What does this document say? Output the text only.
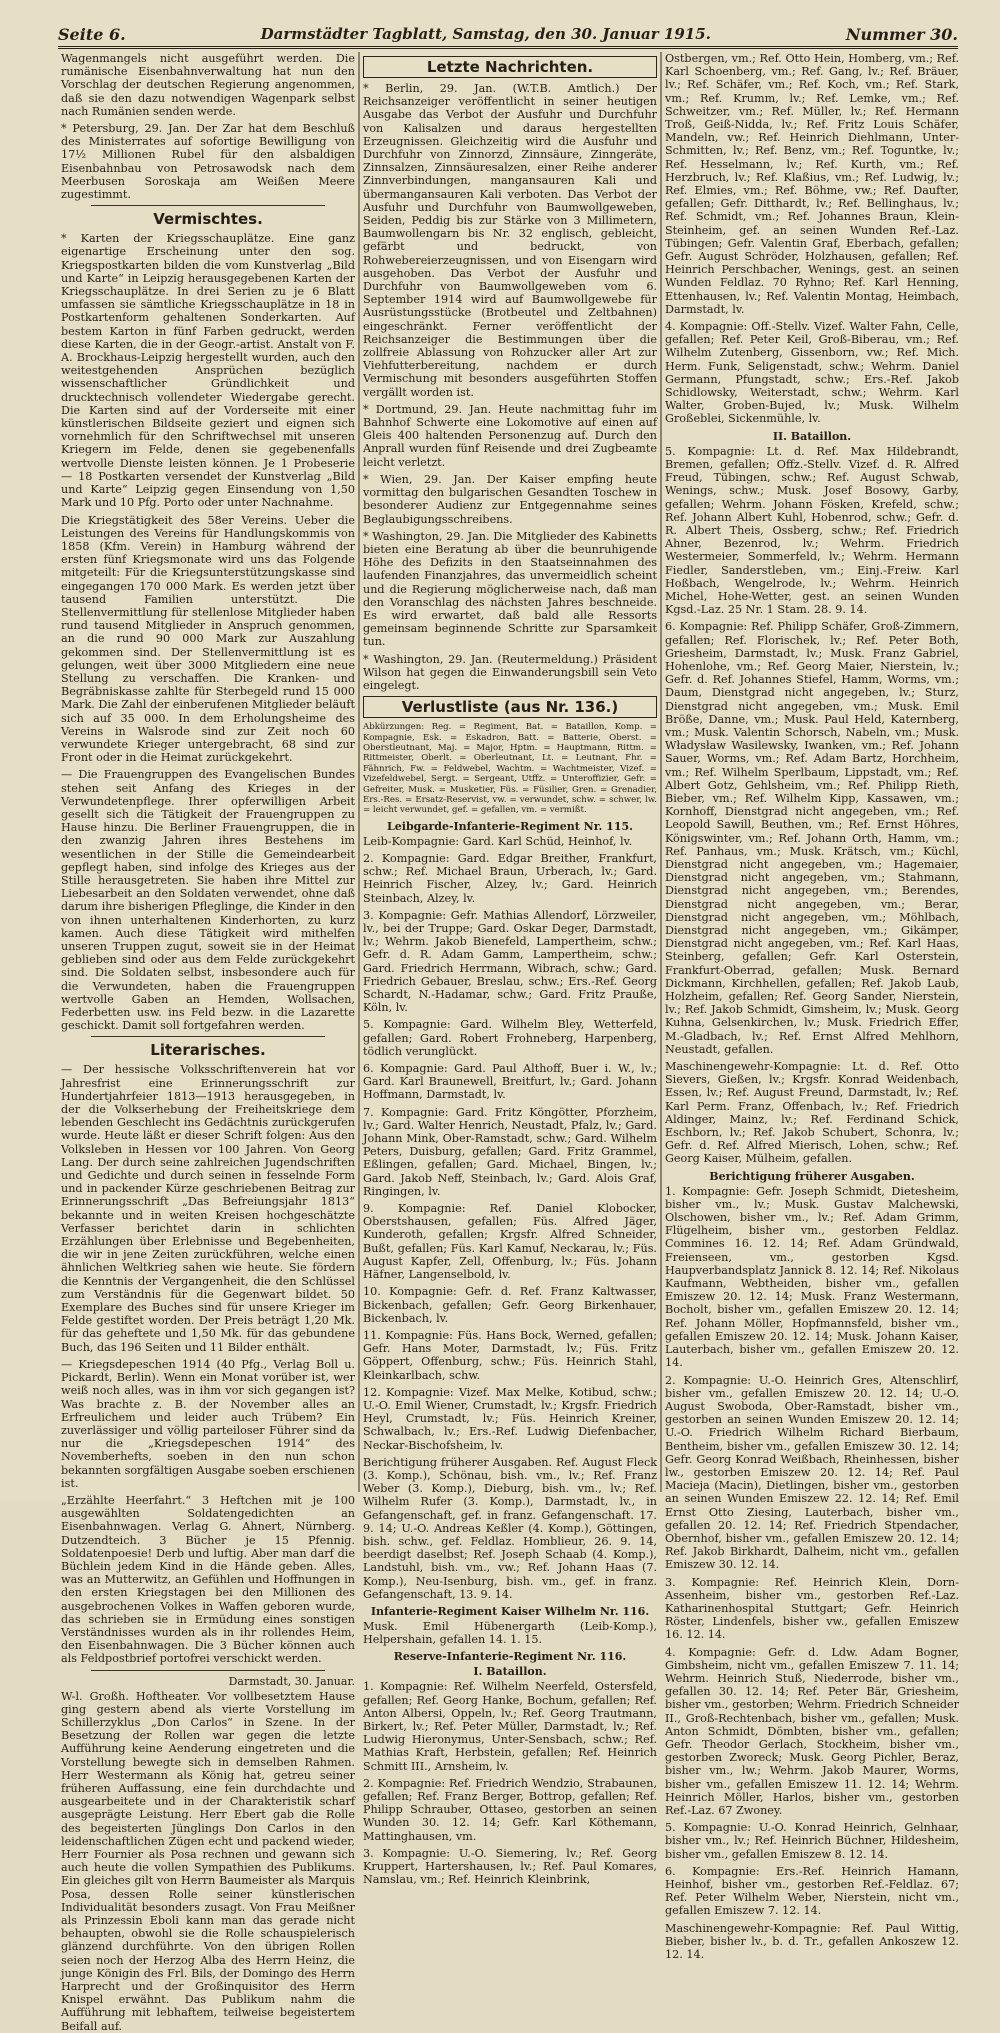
Seite 6.	Darmstädter Tagblatt, Samstag, den 30. Januar 1915.	Nummer 30.

Wagenmangels nicht ausgeführt werden. Die rumänische Eisenbahnverwaltung hat nun den Vorschlag der deutschen Regierung angenommen, daß sie den dazu notwendigen Wagenpark selbst nach Rumänien senden werde.

* Petersburg, 29. Jan. Der Zar hat dem Beschluß des Ministerrates auf sofortige Bewilligung von 17½ Millionen Rubel für den alsbaldigen Eisenbahnbau von Petrosawodsk nach dem Meerbusen Soroskaja am Weißen Meere zugestimmt.

Vermischtes.

* Karten der Kriegsschauplätze. Eine ganz eigenartige Erscheinung unter den sog. Kriegspostkarten bilden die vom Kunstverlag „Bild und Karte“ in Leipzig herausgegebenen Karten der Kriegsschauplätze. In drei Serien zu je 6 Blatt umfassen sie sämtliche Kriegsschauplätze in 18 in Postkartenform gehaltenen Sonderkarten. Auf bestem Karton in fünf Farben gedruckt, werden diese Karten, die in der Geogr.-artist. Anstalt von F. A. Brockhaus-Leipzig hergestellt wurden, auch den weitestgehenden Ansprüchen bezüglich wissenschaftlicher Gründlichkeit und drucktechnisch vollendeter Wiedergabe gerecht. Die Karten sind auf der Vorderseite mit einer künstlerischen Bildseite geziert und eignen sich vornehmlich für den Schriftwechsel mit unseren Kriegern im Felde, denen sie gegebenenfalls wertvolle Dienste leisten können. Je 1 Probeserie — 18 Postkarten versendet der Kunstverlag „Bild und Karte“ Leipzig gegen Einsendung von 1,50 Mark und 10 Pfg. Porto oder unter Nachnahme.

Die Kriegstätigkeit des 58er Vereins. Ueber die Leistungen des Vereins für Handlungskommis von 1858 (Kfm. Verein) in Hamburg während der ersten fünf Kriegsmonate wird uns das Folgende mitgeteilt: Für die Kriegsunterstützungskasse sind eingegangen 170 000 Mark. Es werden jetzt über tausend Familien unterstützt. Die Stellenvermittlung für stellenlose Mitglieder haben rund tausend Mitglieder in Anspruch genommen, an die rund 90 000 Mark zur Auszahlung gekommen sind. Der Stellenvermittlung ist es gelungen, weit über 3000 Mitgliedern eine neue Stellung zu verschaffen. Die Kranken- und Begräbniskasse zahlte für Sterbegeld rund 15 000 Mark. Die Zahl der einberufenen Mitglieder beläuft sich auf 35 000. In dem Erholungsheime des Vereins in Walsrode sind zur Zeit noch 60 verwundete Krieger untergebracht, 68 sind zur Front oder in die Heimat zurückgekehrt.

— Die Frauengruppen des Evangelischen Bundes stehen seit Anfang des Krieges in der Verwundetenpflege. Ihrer opferwilligen Arbeit gesellt sich die Tätigkeit der Frauengruppen zu Hause hinzu. Die Berliner Frauengruppen, die in den zwanzig Jahren ihres Bestehens im wesentlichen in der Stille die Gemeindearbeit gepflegt haben, sind infolge des Krieges aus der Stille herausgetreten. Sie haben ihre Mittel zur Liebesarbeit an den Soldaten verwendet, ohne daß darum ihre bisherigen Pfleglinge, die Kinder in den von ihnen unterhaltenen Kinderhorten, zu kurz kamen. Auch diese Tätigkeit wird mithelfen unseren Truppen zugut, soweit sie in der Heimat geblieben sind oder aus dem Felde zurückgekehrt sind. Die Soldaten selbst, insbesondere auch für die Verwundeten, haben die Frauengruppen wertvolle Gaben an Hemden, Wollsachen, Federbetten usw. ins Feld bezw. in die Lazarette geschickt. Damit soll fortgefahren werden.

Literarisches.

— Der hessische Volksschriftenverein hat vor Jahresfrist eine Erinnerungsschrift zur Hundertjahrfeier 1813—1913 herausgegeben, in der die Volkserhebung der Freiheitskriege dem lebenden Geschlecht ins Gedächtnis zurückgerufen wurde. Heute läßt er dieser Schrift folgen: Aus den Volksleben in Hessen vor 100 Jahren. Von Georg Lang. Der durch seine zahlreichen Jugendschriften und Gedichte und durch seinen in fesselnde Form und in packender Kürze geschriebenen Beitrag zur Erinnerungsschrift „Das Befreiungsjahr 1813“ bekannte und in weiten Kreisen hochgeschätzte Verfasser berichtet darin in schlichten Erzählungen über Erlebnisse und Begebenheiten, die wir in jene Zeiten zurückführen, welche einen ähnlichen Weltkrieg sahen wie heute. Sie fördern die Kenntnis der Vergangenheit, die den Schlüssel zum Verständnis für die Gegenwart bildet. 50 Exemplare des Buches sind für unsere Krieger im Felde gestiftet worden. Der Preis beträgt 1,20 Mk. für das geheftete und 1,50 Mk. für das gebundene Buch, das 196 Seiten und 11 Bilder enthält.

— Kriegsdepeschen 1914 (40 Pfg., Verlag Boll u. Pickardt, Berlin). Wenn ein Monat vorüber ist, wer weiß noch alles, was in ihm vor sich gegangen ist? Was brachte z. B. der November alles an Erfreulichem und leider auch Trübem? Ein zuverlässiger und völlig parteiloser Führer sind da nur die „Kriegsdepeschen 1914“ des Novemberhefts, soeben in den nun schon bekannten sorgfältigen Ausgabe soeben erschienen ist.

„Erzählte Heerfahrt.“ 3 Heftchen mit je 100 ausgewählten Soldatengedichten an Eisenbahnwagen. Verlag G. Ahnert, Nürnberg. Dutzendteich. 3 Bücher je 15 Pfennig. Soldatenpoesie! Derb und luftig. Aber man darf die Büchlein jedem Kind in die Hände geben. Alles, was an Mutterwitz, an Gefühlen und Hoffnungen in den ersten Kriegstagen bei den Millionen des ausgebrochenen Volkes in Waffen geboren wurde, das schrieben sie in Ermüdung eines sonstigen Verständnisses wurden als in ihr rollendes Heim, den Eisenbahnwagen. Die 3 Bücher können auch als Feldpostbrief portofrei verschickt werden.

Darmstadt, 30. Januar.

W-l. Großh. Hoftheater. Vor vollbesetztem Hause ging gestern abend als vierte Vorstellung im Schillerzyklus „Don Carlos“ in Szene. In der Besetzung der Rollen war gegen die letzte Aufführung keine Aenderung eingetreten und die Vorstellung bewegte sich in demselben Rahmen. Herr Westermann als König hat, getreu seiner früheren Auffassung, eine fein durchdachte und ausgearbeitete und in der Charakteristik scharf ausgeprägte Leistung. Herr Ebert gab die Rolle des begeisterten Jünglings Don Carlos in den leidenschaftlichen Zügen echt und packend wieder, Herr Fournier als Posa rechnen und gewann sich auch heute die vollen Sympathien des Publikums. Ein gleiches gilt von Herrn Baumeister als Marquis Posa, dessen Rolle seiner künstlerischen Individualität besonders zusagt. Von Frau Meißner als Prinzessin Eboli kann man das gerade nicht behaupten, obwohl sie die Rolle schauspielerisch glänzend durchführte. Von den übrigen Rollen seien noch der Herzog Alba des Herrn Heinz, die junge Königin des Frl. Bils, der Domingo des Herrn Harprecht und der Großinquisitor des Herrn Knispel erwähnt. Das Publikum nahm die Aufführung mit lebhaftem, teilweise begeistertem Beifall auf.

Letzte Nachrichten.

* Berlin, 29. Jan. (W.T.B. Amtlich.) Der Reichsanzeiger veröffentlicht in seiner heutigen Ausgabe das Verbot der Ausfuhr und Durchfuhr von Kalisalzen und daraus hergestellten Erzeugnissen. Gleichzeitig wird die Ausfuhr und Durchfuhr von Zinnorzd, Zinnsäure, Zinngeräte, Zinnsalzen, Zinnsäuresalzen, einer Reihe anderer Zinnverbindungen, mangansauren Kali und übermangansauren Kali verboten. Das Verbot der Ausfuhr und Durchfuhr von Baumwollgeweben, Seiden, Peddig bis zur Stärke von 3 Millimetern, Baumwollengarn bis Nr. 32 englisch, gebleicht, gefärbt und bedruckt, von Rohwebereierzeugnissen, und von Eisengarn wird ausgehoben. Das Verbot der Ausfuhr und Durchfuhr von Baumwollgeweben vom 6. September 1914 wird auf Baumwollgewebe für Ausrüstungsstücke (Brotbeutel und Zeltbahnen) eingeschränkt. Ferner veröffentlicht der Reichsanzeiger die Bestimmungen über die zollfreie Ablassung von Rohzucker aller Art zur Viehfutterbereitung, nachdem er durch Vermischung mit besonders ausgeführten Stoffen vergällt worden ist.

* Dortmund, 29. Jan. Heute nachmittag fuhr im Bahnhof Schwerte eine Lokomotive auf einen auf Gleis 400 haltenden Personenzug auf. Durch den Anprall wurden fünf Reisende und drei Zugbeamte leicht verletzt.

* Wien, 29. Jan. Der Kaiser empfing heute vormittag den bulgarischen Gesandten Toschew in besonderer Audienz zur Entgegennahme seines Beglaubigungsschreibens.

* Washington, 29. Jan. Die Mitglieder des Kabinetts bieten eine Beratung ab über die beunruhigende Höhe des Defizits in den Staatseinnahmen des laufenden Finanzjahres, das unvermeidlich scheint und die Regierung möglicherweise nach, daß man den Voranschlag des nächsten Jahres beschneide. Es wird erwartet, daß bald alle Ressorts gemeinsam beginnende Schritte zur Sparsamkeit tun.

* Washington, 29. Jan. (Reutermeldung.) Präsident Wilson hat gegen die Einwanderungsbill sein Veto eingelegt.

Verlustliste (aus Nr. 136.)

Abkürzungen: Reg. = Regiment, Bat. = Bataillon, Komp. = Kompagnie, Esk. = Eskadron, Batt. = Batterie, Oberst. = Oberstleutnant, Maj. = Major, Hptm. = Hauptmann, Rittm. = Rittmeister, Oberlt. = Oberleutnant, Lt. = Leutnant, Fhr. = Fähnrich, Fw. = Feldwebel, Wachtm. = Wachtmeister, Vizef. = Vizefeldwebel, Sergt. = Sergeant, Utffz. = Unteroffizier, Gefr. = Gefreiter, Musk. = Musketier, Füs. = Füsilier, Gren. = Grenadier, Ers.-Res. = Ersatz-Reservist, vw. = verwundet, schw. = schwer, lw. = leicht verwundet, gef. = gefallen, vm. = vermißt.

Leibgarde-Infanterie-Regiment Nr. 115.

Leib-Kompagnie: Gard. Karl Schüd, Heinhof, lv.

2. Kompagnie: Gard. Edgar Breither, Frankfurt, schw.; Ref. Michael Braun, Urberach, lv.; Gard. Heinrich Fischer, Alzey, lv.; Gard. Heinrich Steinbach, Alzey, lv.

3. Kompagnie: Gefr. Mathias Allendorf, Lörzweiler, lv., bei der Truppe; Gard. Oskar Deger, Darmstadt, lv.; Wehrm. Jakob Bienefeld, Lampertheim, schw.; Gefr. d. R. Adam Gamm, Lampertheim, schw.; Gard. Friedrich Herrmann, Wibrach, schw.; Gard. Friedrich Gebauer, Breslau, schw.; Ers.-Ref. Georg Schardt, N.-Hadamar, schw.; Gard. Fritz Prauße, Köln, lv.

5. Kompagnie: Gard. Wilhelm Bley, Wetterfeld, gefallen; Gard. Robert Frohneberg, Harpenberg, tödlich verunglückt.

6. Kompagnie: Gard. Paul Althoff, Buer i. W., lv.; Gard. Karl Braunewell, Breitfurt, lv.; Gard. Johann Hoffmann, Darmstadt, lv.

7. Kompagnie: Gard. Fritz Köngötter, Pforzheim, lv.; Gard. Walter Henrich, Neustadt, Pfalz, lv.; Gard. Johann Mink, Ober-Ramstadt, schw.; Gard. Wilhelm Peters, Duisburg, gefallen; Gard. Fritz Grammel, Eßlingen, gefallen; Gard. Michael, Bingen, lv.; Gard. Jakob Neff, Steinbach, lv.; Gard. Alois Graf, Ringingen, lv.

9. Kompagnie: Ref. Daniel Klobocker, Oberstshausen, gefallen; Füs. Alfred Jäger, Kunderoth, gefallen; Krgsfr. Alfred Schneider, Bußt, gefallen; Füs. Karl Kamuf, Neckarau, lv.; Füs. August Kapfer, Zell, Offenburg, lv.; Füs. Johann Häfner, Langenselbold, lv.

10. Kompagnie: Gefr. d. Ref. Franz Kaltwasser, Bickenbach, gefallen; Gefr. Georg Birkenhauer, Bickenbach, lv.

11. Kompagnie: Füs. Hans Bock, Werned, gefallen; Gefr. Hans Moter, Darmstadt, lv.; Füs. Fritz Göppert, Offenburg, schw.; Füs. Heinrich Stahl, Kleinkarlbach, schw.

12. Kompagnie: Vizef. Max Melke, Kotibud, schw.; U.-O. Emil Wiener, Crumstadt, lv.; Krgsfr. Friedrich Heyl, Crumstadt, lv.; Füs. Heinrich Kreiner, Schwalbach, lv.; Ers.-Ref. Ludwig Diefenbacher, Neckar-Bischofsheim, lv.

Berichtigung früherer Ausgaben. Ref. August Fleck (3. Komp.), Schönau, bish. vm., lv.; Ref. Franz Weber (3. Komp.), Dieburg, bish. vm., lv.; Ref. Wilhelm Rufer (3. Komp.), Darmstadt, lv., in Gefangenschaft, gef. in franz. Gefangenschaft. 17. 9. 14; U.-O. Andreas Keßler (4. Komp.), Göttingen, bish. schw., gef. Feldlaz. Homblieur, 26. 9. 14, beerdigt daselbst; Ref. Joseph Schaab (4. Komp.), Landstuhl, bish. vm., vw.; Ref. Johann Haas (7. Komp.), Neu-Isenburg, bish. vm., gef. in franz. Gefangenschaft, 13. 9. 14.

Infanterie-Regiment Kaiser Wilhelm Nr. 116.

Musk. Emil Hübenergarth (Leib-Komp.), Helpershain, gefallen 14. 1. 15.

Reserve-Infanterie-Regiment Nr. 116.
I. Bataillon.

1. Kompagnie: Ref. Wilhelm Neerfeld, Ostersfeld, gefallen; Ref. Georg Hanke, Bochum, gefallen; Ref. Anton Albersi, Oppeln, lv.; Ref. Georg Trautmann, Birkert, lv.; Ref. Peter Müller, Darmstadt, lv.; Ref. Ludwig Hieronymus, Unter-Sensbach, schw.; Ref. Mathias Kraft, Herbstein, gefallen; Ref. Heinrich Schmitt III., Arnsheim, lv.

2. Kompagnie: Ref. Friedrich Wendzio, Strabaunen, gefallen; Ref. Franz Berger, Bottrop, gefallen; Ref. Philipp Schrauber, Ottaseo, gestorben an seinen Wunden 30. 12. 14; Gefr. Karl Köthemann, Mattinghausen, vm.

3. Kompagnie: U.-O. Siemering, lv.; Ref. Georg Kruppert, Hartershausen, lv.; Ref. Paul Komares, Namslau, vm.; Ref. Heinrich Kleinbrink,

Ostbergen, vm.; Ref. Otto Hein, Homberg, vm.; Ref. Karl Schoenberg, vm.; Ref. Gang, lv.; Ref. Bräuer, lv.; Ref. Schäfer, vm.; Ref. Koch, vm.; Ref. Stark, vm.; Ref. Krumm, lv.; Ref. Lemke, vm.; Ref. Schweitzer, vm.; Ref. Müller, lv.; Ref. Hermann Troß, Geiß-Nidda, lv.; Ref. Fritz Louis Schäfer, Mandeln, vw.; Ref. Heinrich Diehlmann, Unter-Schmitten, lv.; Ref. Benz, vm.; Ref. Toguntke, lv.; Ref. Hesselmann, lv.; Ref. Kurth, vm.; Ref. Herzbruch, lv.; Ref. Klaßius, vm.; Ref. Ludwig, lv.; Ref. Elmies, vm.; Ref. Böhme, vw.; Ref. Daufter, gefallen; Gefr. Ditthardt, lv.; Ref. Bellinghaus, lv.; Ref. Schmidt, vm.; Ref. Johannes Braun, Klein-Steinheim, gef. an seinen Wunden Ref.-Laz. Tübingen; Gefr. Valentin Graf, Eberbach, gefallen; Gefr. August Schröder, Holzhausen, gefallen; Ref. Heinrich Perschbacher, Wenings, gest. an seinen Wunden Feldlaz. 70 Ryhno; Ref. Karl Henning, Ettenhausen, lv.; Ref. Valentin Montag, Heimbach, Darmstadt, lv.

4. Kompagnie: Off.-Stellv. Vizef. Walter Fahn, Celle, gefallen; Ref. Peter Keil, Groß-Biberau, vm.; Ref. Wilhelm Zutenberg, Gissenborn, vw.; Ref. Mich. Herm. Funk, Seligenstadt, schw.; Wehrm. Daniel Germann, Pfungstadt, schw.; Ers.-Ref. Jakob Schidlowsky, Weiterstadt, schw.; Wehrm. Karl Walter, Groben-Bujed, lv.; Musk. Wilhelm Großeblei, Sickenmühle, lv.

II. Bataillon.

5. Kompagnie: Lt. d. Ref. Max Hildebrandt, Bremen, gefallen; Offz.-Stellv. Vizef. d. R. Alfred Freud, Tübingen, schw.; Ref. August Schwab, Wenings, schw.; Musk. Josef Bosowy, Garby, gefallen; Wehrm. Johann Fösken, Krefeld, schw.; Ref. Johann Albert Kuhl, Hobenrod, schw.; Gefr. d. R. Albert Theis, Ossberg, schw.; Ref. Friedrich Ahner, Bezenrod, lv.; Wehrm. Friedrich Westermeier, Sommerfeld, lv.; Wehrm. Hermann Fiedler, Sanderstleben, vm.; Einj.-Freiw. Karl Hoßbach, Wengelrode, lv.; Wehrm. Heinrich Michel, Hohe-Wetter, gest. an seinen Wunden Kgsd.-Laz. 25 Nr. 1 Stam. 28. 9. 14.

6. Kompagnie: Ref. Philipp Schäfer, Groß-Zimmern, gefallen; Ref. Florischek, lv.; Ref. Peter Both, Griesheim, Darmstadt, lv.; Musk. Franz Gabriel, Hohenlohe, vm.; Ref. Georg Maier, Nierstein, lv.; Gefr. d. Ref. Johannes Stiefel, Hamm, Worms, vm.; Daum, Dienstgrad nicht angegeben, lv.; Sturz, Dienstgrad nicht angegeben, vm.; Musk. Emil Bröße, Danne, vm.; Musk. Paul Held, Katernberg, vm.; Musk. Valentin Schorsch, Nabeln, vm.; Musk. Władysław Wasilewsky, Iwanken, vm.; Ref. Johann Sauer, Worms, vm.; Ref. Adam Bartz, Horchheim, vm.; Ref. Wilhelm Sperlbaum, Lippstadt, vm.; Ref. Albert Gotz, Gehlsheim, vm.; Ref. Philipp Rieth, Bieber, vm.; Ref. Wilhelm Kipp, Kassawen, vm.; Kornhoff, Dienstgrad nicht angegeben, vm.; Ref. Leopold Sawill, Beuthen, vm.; Ref. Ernst Höhres, Königswinter, vm.; Ref. Johann Orth, Hamm, vm.; Ref. Panhaus, vm.; Musk. Krätsch, vm.; Küchl, Dienstgrad nicht angegeben, vm.; Hagemaier, Dienstgrad nicht angegeben, vm.; Stahmann, Dienstgrad nicht angegeben, vm.; Berendes, Dienstgrad nicht angegeben, vm.; Berar, Dienstgrad nicht angegeben, vm.; Möhlbach, Dienstgrad nicht angegeben, vm.; Gikämper, Dienstgrad nicht angegeben, vm.; Ref. Karl Haas, Steinberg, gefallen; Gefr. Karl Osterstein, Frankfurt-Oberrad, gefallen; Musk. Bernard Dickmann, Kirchhellen, gefallen; Ref. Jakob Laub, Holzheim, gefallen; Ref. Georg Sander, Nierstein, lv.; Ref. Jakob Schmidt, Gimsheim, lv.; Musk. Georg Kuhna, Gelsenkirchen, lv.; Musk. Friedrich Effer, M.-Gladbach, lv.; Ref. Ernst Alfred Mehlhorn, Neustadt, gefallen.

Maschinengewehr-Kompagnie: Lt. d. Ref. Otto Sievers, Gießen, lv.; Krgsfr. Konrad Weidenbach, Essen, lv.; Ref. August Freund, Darmstadt, lv.; Ref. Karl Perm. Franz, Offenbach, lv.; Ref. Friedrich Aldinger, Mainz, lv.; Ref. Ferdinand Schick, Eschborn, lv.; Ref. Jakob Schubert, Schonra, lv.; Gefr. d. Ref. Alfred Mierisch, Lohen, schw.; Ref. Georg Kaiser, Mülheim, gefallen.

Berichtigung früherer Ausgaben.

1. Kompagnie: Gefr. Joseph Schmidt, Dietesheim, bisher vm., lv.; Musk. Gustav Malchewski, Olschowen, bisher vm., lv.; Ref. Adam Grimm, Flügelheim, bisher vm., gestorben Feldlaz. Commines 16. 12. 14; Ref. Adam Gründwald, Freienseen, vm., gestorben Kgsd. Haupverbandsplatz Jannick 8. 12. 14; Ref. Nikolaus Kaufmann, Webtheiden, bisher vm., gefallen Emiszew 20. 12. 14; Musk. Franz Westermann, Bocholt, bisher vm., gefallen Emiszew 20. 12. 14; Ref. Johann Möller, Hopfmannsfeld, bisher vm., gefallen Emiszew 20. 12. 14; Musk. Johann Kaiser, Lauterbach, bisher vm., gefallen Emiszew 20. 12. 14.

2. Kompagnie: U.-O. Heinrich Gres, Altenschlirf, bisher vm., gefallen Emiszew 20. 12. 14; U.-O. August Swoboda, Ober-Ramstadt, bisher vm., gestorben an seinen Wunden Emiszew 20. 12. 14; U.-O. Friedrich Wilhelm Richard Bierbaum, Bentheim, bisher vm., gefallen Emiszew 30. 12. 14; Gefr. Georg Konrad Weißbach, Rheinhessen, bisher lw., gestorben Emiszew 20. 12. 14; Ref. Paul Macieja (Macin), Dietlingen, bisher vm., gestorben an seinen Wunden Emiszew 22. 12. 14; Ref. Emil Ernst Otto Ziesing, Lauterbach, bisher vm., gefallen 20. 12. 14; Ref. Friedrich Stpendacher, Obernhof, bisher vm., gefallen Emiszew 20. 12. 14; Ref. Jakob Birkhardt, Dalheim, nicht vm., gefallen Emiszew 30. 12. 14.

3. Kompagnie: Ref. Heinrich Klein, Dorn-Assenheim, bisher vm., gestorben Ref.-Laz. Katharinenhospital Stuttgart; Gefr. Heinrich Röster, Lindenfels, bisher vw., gefallen Emiszew 16. 12. 14.

4. Kompagnie: Gefr. d. Ldw. Adam Bogner, Gimbsheim, nicht vm., gefallen Emiszew 7. 11. 14; Wehrm. Heinrich Stuß, Niederrode, bisher vm., gefallen 30. 12. 14; Ref. Peter Bär, Griesheim, bisher vm., gestorben; Wehrm. Friedrich Schneider II., Groß-Rechtenbach, bisher vm., gefallen; Musk. Anton Schmidt, Dömbten, bisher vm., gefallen; Gefr. Theodor Gerlach, Stockheim, bisher vm., gestorben Zworeck; Musk. Georg Pichler, Beraz, bisher vm., lw.; Wehrm. Jakob Maurer, Worms, bisher vm., gefallen Emiszew 11. 12. 14; Wehrm. Heinrich Möller, Harlos, bisher vm., gestorben Ref.-Laz. 67 Zwoney.

5. Kompagnie: U.-O. Konrad Heinrich, Gelnhaar, bisher vm., lv.; Ref. Heinrich Büchner, Hildesheim, bisher vm., gefallen Emiszew 8. 12. 14.

6. Kompagnie: Ers.-Ref. Heinrich Hamann, Heinhof, bisher vm., gestorben Ref.-Feldlaz. 67; Ref. Peter Wilhelm Weber, Nierstein, nicht vm., gefallen Emiszew 7. 12. 14.

Maschinengewehr-Kompagnie: Ref. Paul Wittig, Bieber, bisher lv., b. d. Tr., gefallen Ankoszew 12. 12. 14.
